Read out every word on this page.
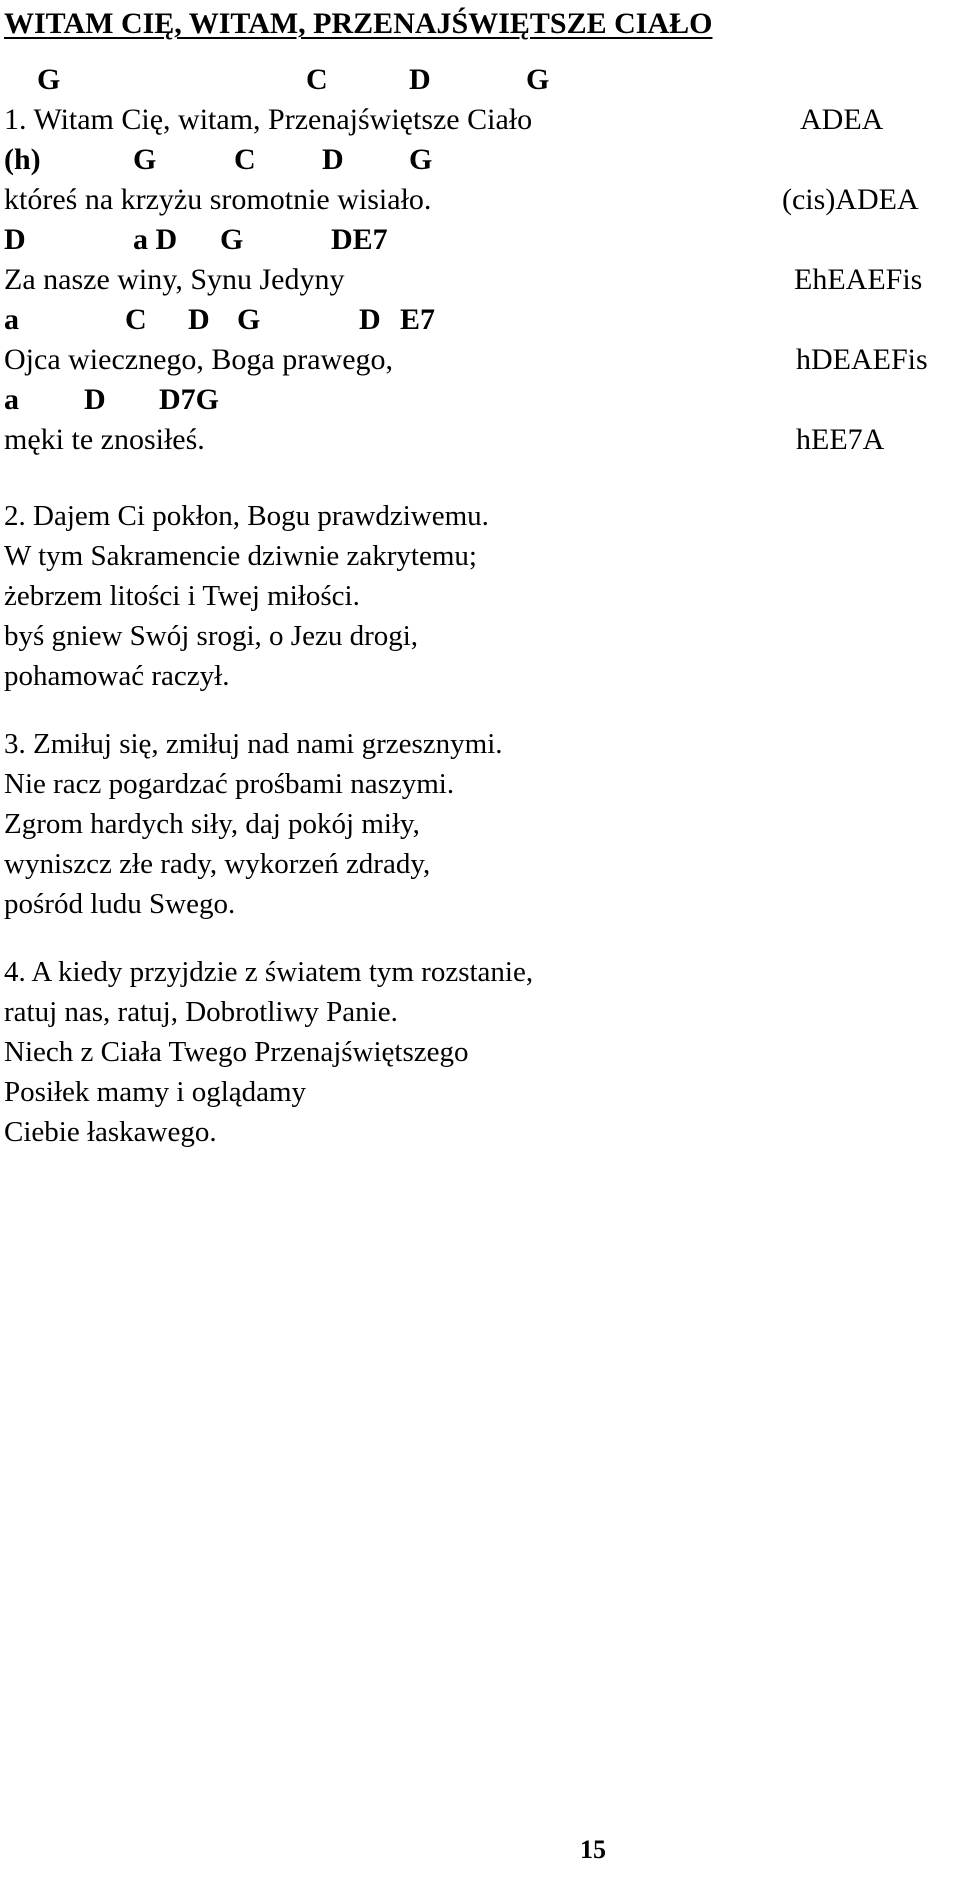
WITAM CIĘ, WITAM, PRZENAJŚWIĘTSZE CIAŁO
G	C	D	G
1. Witam Cię, witam, Przenajświętsze Ciało	ADEA
(h)	G	C D G
któreś na krzyżu sromotnie wisiało.	(cis)ADEA
D	a D G	DE7
Za nasze winy, Synu Jedyny	EhEAEFis
a	C D G	D E7
Ojca wiecznego, Boga prawego,	hDEAEFis
a D D7G
męki te znosiłeś.	hEE7A
2. Dajem Ci pokłon, Bogu prawdziwemu.
W tym Sakramencie dziwnie zakrytemu;
żebrzem litości i Twej miłości.
byś gniew Swój srogi, o Jezu drogi,
pohamować raczył.
3. Zmiłuj się, zmiłuj nad nami grzesznymi.
Nie racz pogardzać prośbami naszymi.
Zgrom hardych siły, daj pokój miły,
wyniszcz złe rady, wykorzeń zdrady,
pośród ludu Swego.
4. A kiedy przyjdzie z światem tym rozstanie,
ratuj nas, ratuj, Dobrotliwy Panie.
Niech z Ciała Twego Przenajświętszego
Posiłek mamy i oglądamy
Ciebie łaskawego.
15
